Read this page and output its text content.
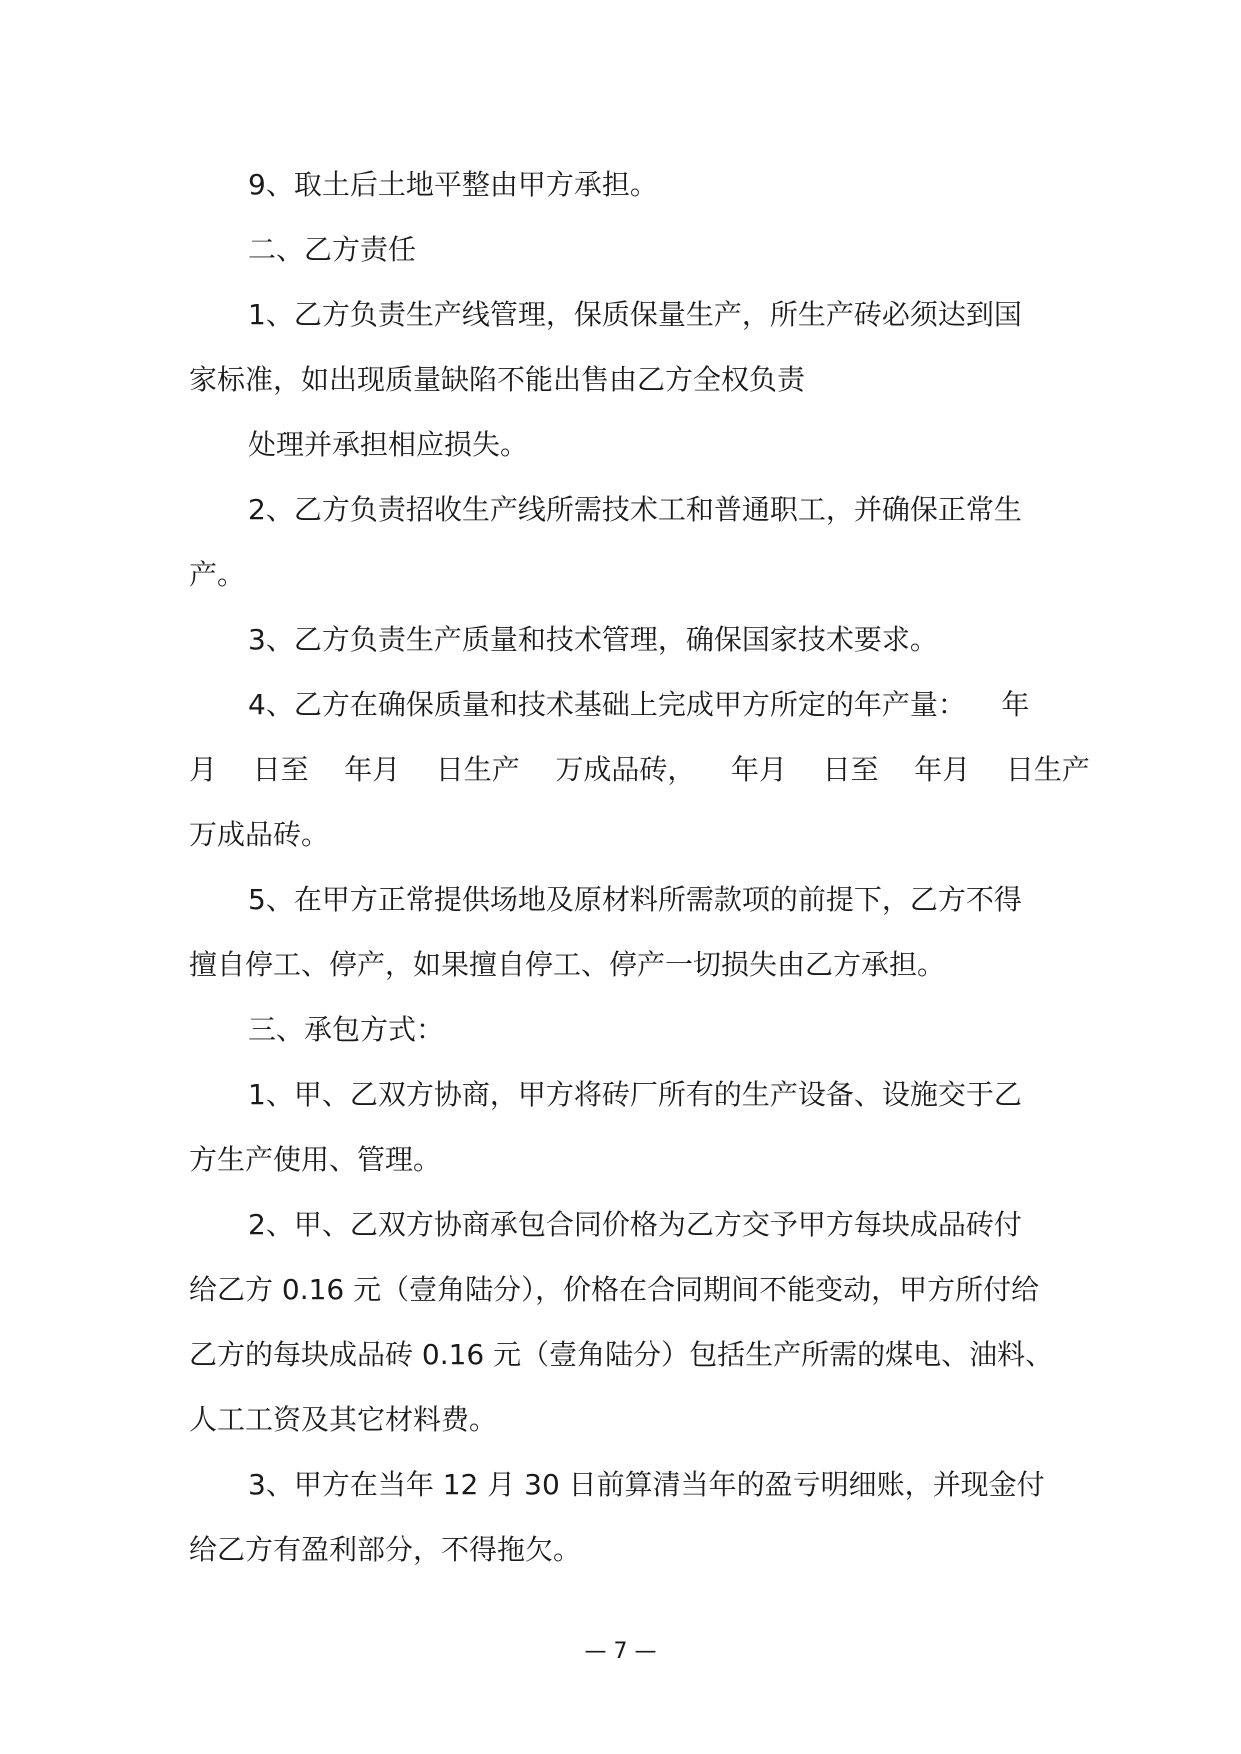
9、取土后土地平整由甲方承担。
二、乙方责任
1、乙方负责生产线管理，保质保量生产，所生产砖必须达到国
家标准，如出现质量缺陷不能出售由乙方全权负责
处理并承担相应损失。
2、乙方负责招收生产线所需技术工和普通职工，并确保正常生
产。
3、乙方负责生产质量和技术管理，确保国家技术要求。
4、乙方在确保质量和技术基础上完成甲方所定的年产量：    年
月    日至    年月    日生产    万成品砖，    年月    日至    年月    日生产
万成品砖。
5、在甲方正常提供场地及原材料所需款项的前提下，乙方不得
擅自停工、停产，如果擅自停工、停产一切损失由乙方承担。
三、承包方式：
1、甲、乙双方协商，甲方将砖厂所有的生产设备、设施交于乙
方生产使用、管理。
2、甲、乙双方协商承包合同价格为乙方交予甲方每块成品砖付
给乙方 0.16 元（壹角陆分），价格在合同期间不能变动，甲方所付给
乙方的每块成品砖 0.16 元（壹角陆分）包括生产所需的煤电、油料、
人工工资及其它材料费。
3、甲方在当年 12 月 30 日前算清当年的盈亏明细账，并现金付
给乙方有盈利部分，不得拖欠。
— 7 —
